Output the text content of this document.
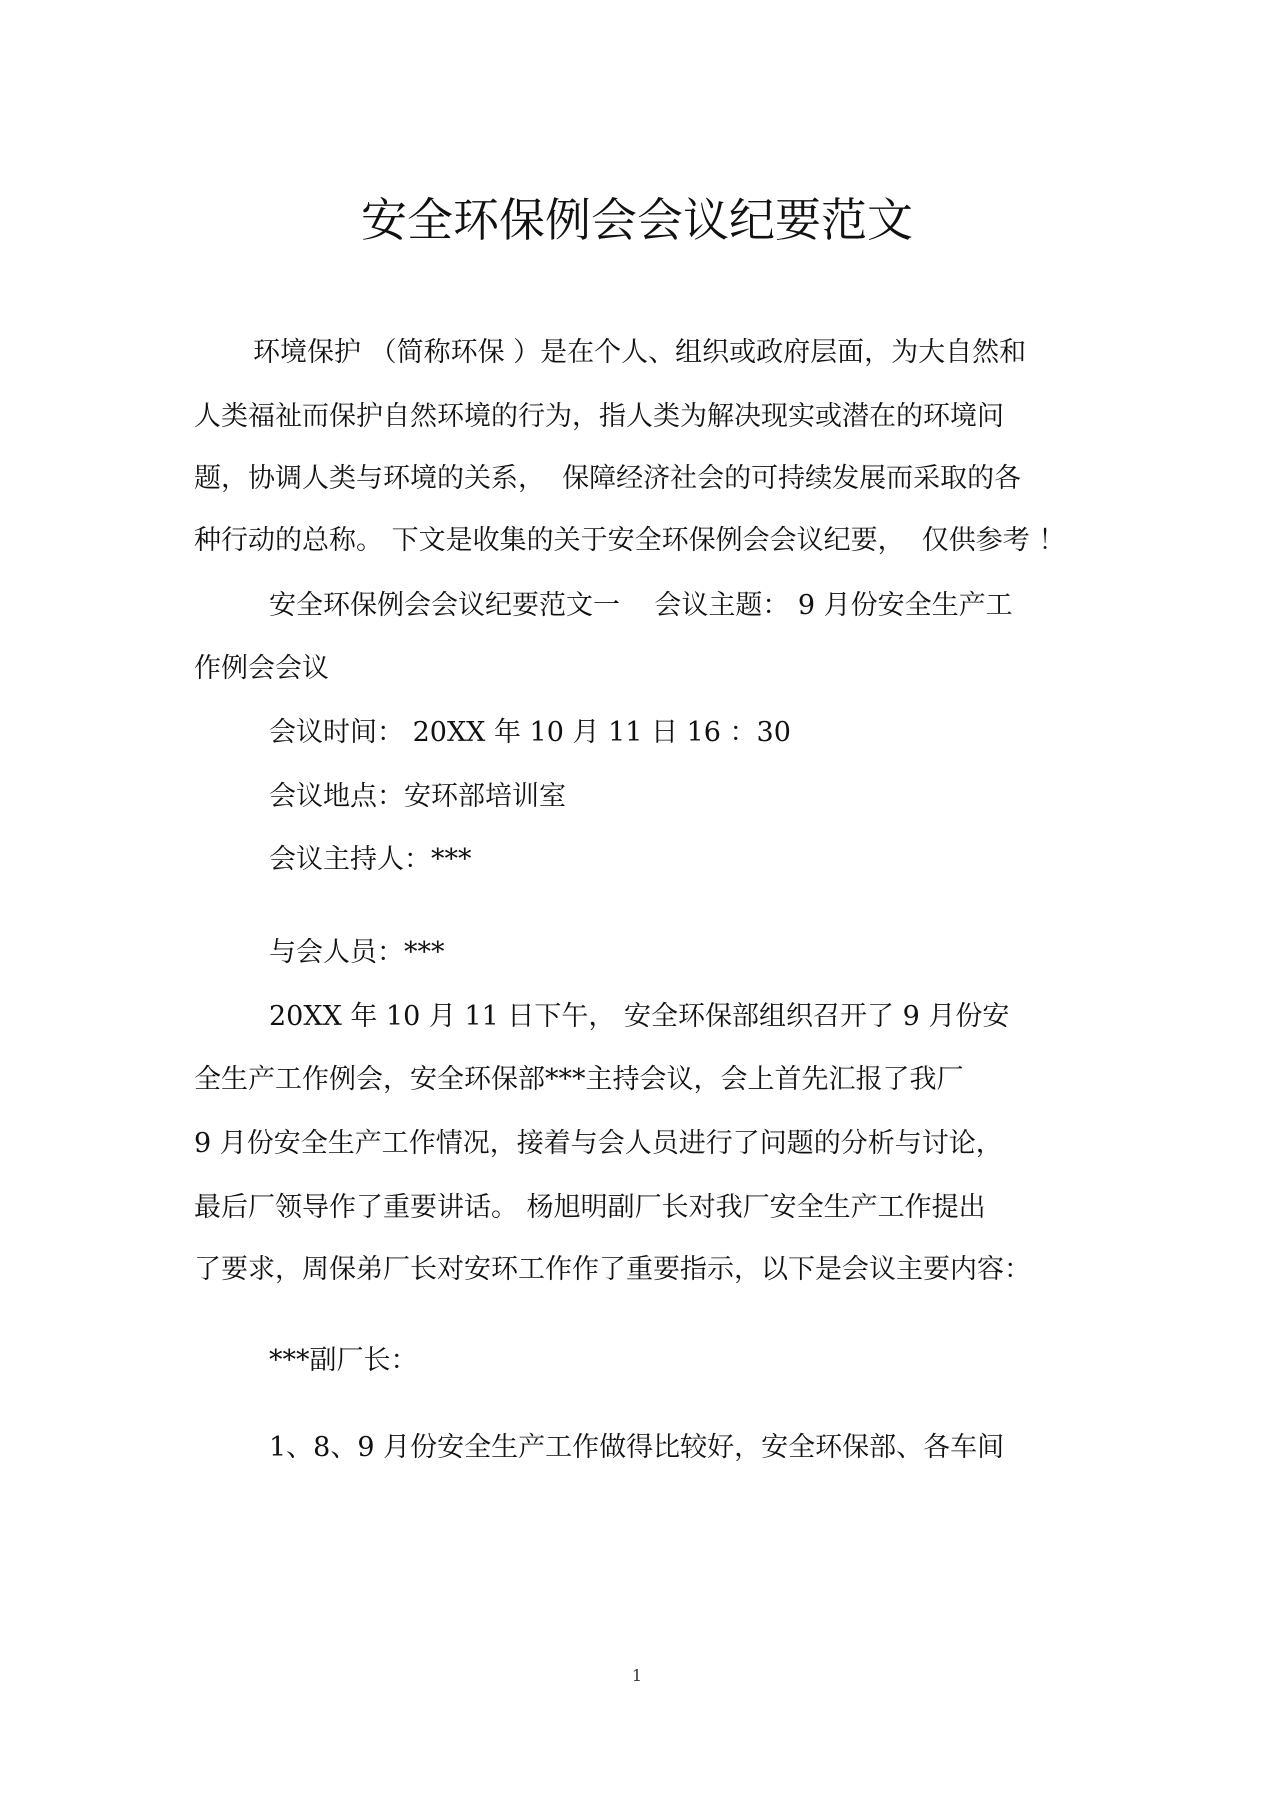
安全环保例会会议纪要范文
环境保护 （简称环保 ）是在个人、组织或政府层面，为大自然和
人类福祉而保护自然环境的行为，指人类为解决现实或潜在的环境问
题，协调人类与环境的关系，  保障经济社会的可持续发展而采取的各
种行动的总称。 下文是收集的关于安全环保例会会议纪要，  仅供参考 ！
安全环保例会会议纪要范文一    会议主题： 9 月份安全生产工
作例会会议
会议时间： 20XX 年 10 月 11 日 16 ：30
会议地点：安环部培训室
会议主持人：***
与会人员：***
20XX 年 10 月 11 日下午， 安全环保部组织召开了 9 月份安
全生产工作例会，安全环保部***主持会议，会上首先汇报了我厂
9 月份安全生产工作情况，接着与会人员进行了问题的分析与讨论，
最后厂领导作了重要讲话。 杨旭明副厂长对我厂安全生产工作提出
了要求，周保弟厂长对安环工作作了重要指示，以下是会议主要内容：
***副厂长：
1、8、9 月份安全生产工作做得比较好，安全环保部、各车间
1
